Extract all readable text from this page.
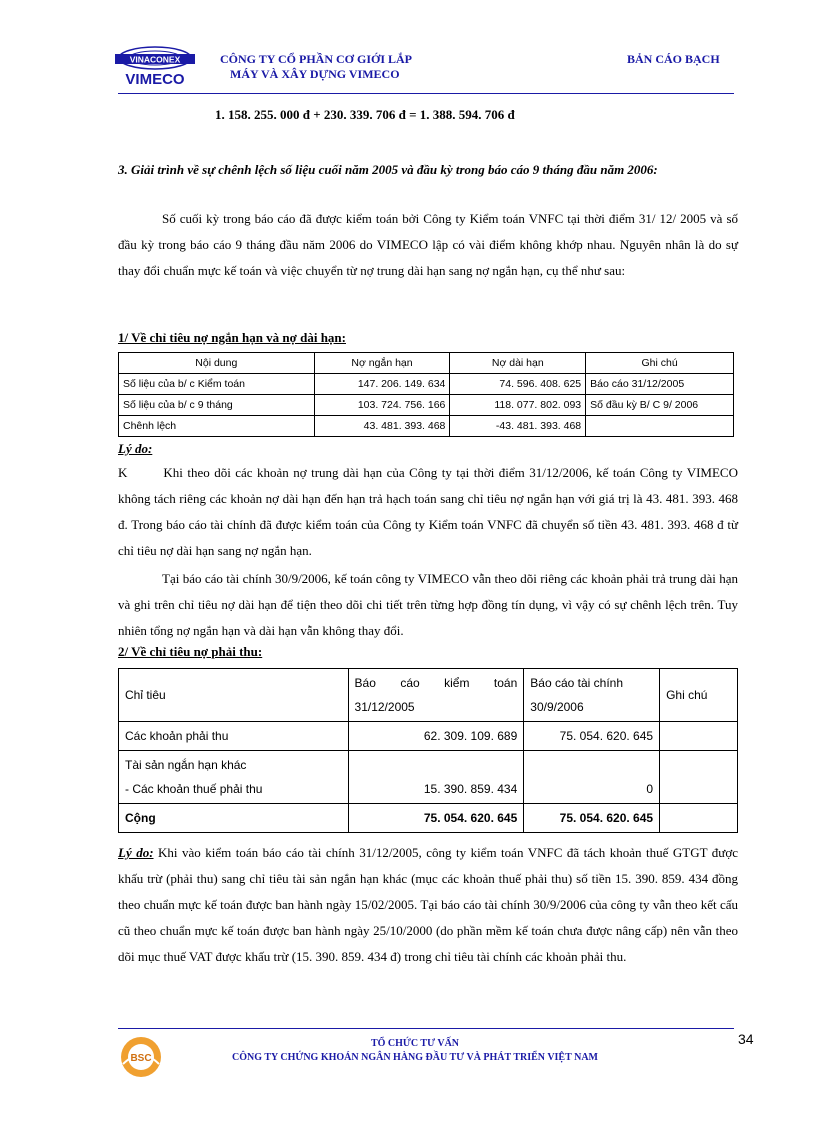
VINACONEX
VIMECO
CÔNG TY CỔ PHẦN CƠ GIỚI LẮP
MÁY VÀ XÂY DỰNG VIMECO
BẢN CÁO BẠCH
1. 158. 255. 000 đ + 230. 339. 706 đ = 1. 388. 594. 706 đ
3. Giải trình về sự chênh lệch số liệu cuối năm 2005 và đầu kỳ trong báo cáo 9 tháng đầu năm 2006:
Số cuối kỳ trong báo cáo đã được kiểm toán bởi Công ty Kiểm toán VNFC tại thời điểm 31/ 12/ 2005 và số đầu kỳ trong báo cáo 9 tháng đầu năm 2006 do VIMECO lập có vài điểm không khớp nhau. Nguyên nhân là do sự thay đổi chuẩn mực kế toán và việc chuyển từ nợ trung dài hạn sang nợ ngắn hạn, cụ thể như sau:
1/ Về chỉ tiêu nợ ngắn hạn và nợ dài hạn:
Nội dung	Nợ ngắn hạn	Nợ dài hạn	Ghi chú
Số liệu của b/ c Kiểm toán	147. 206. 149. 634	74. 596. 408. 625	Báo cáo 31/12/2005
Số liệu của b/ c 9 tháng	103. 724. 756. 166	118. 077. 802. 093	Số đầu kỳ B/ C 9/ 2006
Chênh lệch	43. 481. 393. 468	-43. 481. 393. 468	
Lý do:
K	Khi theo dõi các khoản nợ trung dài hạn của Công ty tại thời điểm 31/12/2006, kế toán Công ty VIMECO không tách riêng các khoản nợ dài hạn đến hạn trả hạch toán sang chỉ tiêu nợ ngắn hạn với giá trị là 43. 481. 393. 468 đ. Trong báo cáo tài chính đã được kiểm toán của Công ty Kiểm toán VNFC đã chuyển số tiền 43. 481. 393. 468 đ từ chỉ tiêu nợ dài hạn sang nợ ngắn hạn.
Tại báo cáo tài chính 30/9/2006, kế toán công ty VIMECO vẫn theo dõi riêng các khoản phải trả trung dài hạn và ghi trên chỉ tiêu nợ dài hạn để tiện theo dõi chi tiết trên từng hợp đồng tín dụng, vì vậy có sự chênh lệch trên. Tuy nhiên tổng nợ ngắn hạn và dài hạn vẫn không thay đổi.
2/ Về chỉ tiêu nợ phải thu:
Chỉ tiêu	Báo cáo kiểm toán 31/12/2005	Báo cáo tài chính 30/9/2006	Ghi chú
Các khoản phải thu	62. 309. 109. 689	75. 054. 620. 645	

Tài sản ngắn hạn khác
- Các khoản thuế phải thu	15. 390. 859. 434	0	
Cộng	75. 054. 620. 645	75. 054. 620. 645	
Lý do: Khi vào kiểm toán báo cáo tài chính 31/12/2005, công ty kiểm toán VNFC đã tách khoản thuế GTGT được khấu trừ (phải thu) sang chỉ tiêu tài sản ngắn hạn khác (mục các khoản thuế phải thu) số tiền 15. 390. 859. 434 đồng theo chuẩn mực kế toán được ban hành ngày 15/02/2005. Tại báo cáo tài chính 30/9/2006 của công ty vẫn theo kết cấu cũ theo chuẩn mực kế toán được ban hành ngày 25/10/2000 (do phần mềm kế toán chưa được nâng cấp) nên vẫn theo dõi mục thuế VAT được khấu trừ (15. 390. 859. 434 đ) trong chỉ tiêu tài chính các khoản phải thu.
BSC
TỔ CHỨC TƯ VẤN
CÔNG TY CHỨNG KHOÁN NGÂN HÀNG ĐẦU TƯ VÀ PHÁT TRIỂN VIỆT NAM
34
